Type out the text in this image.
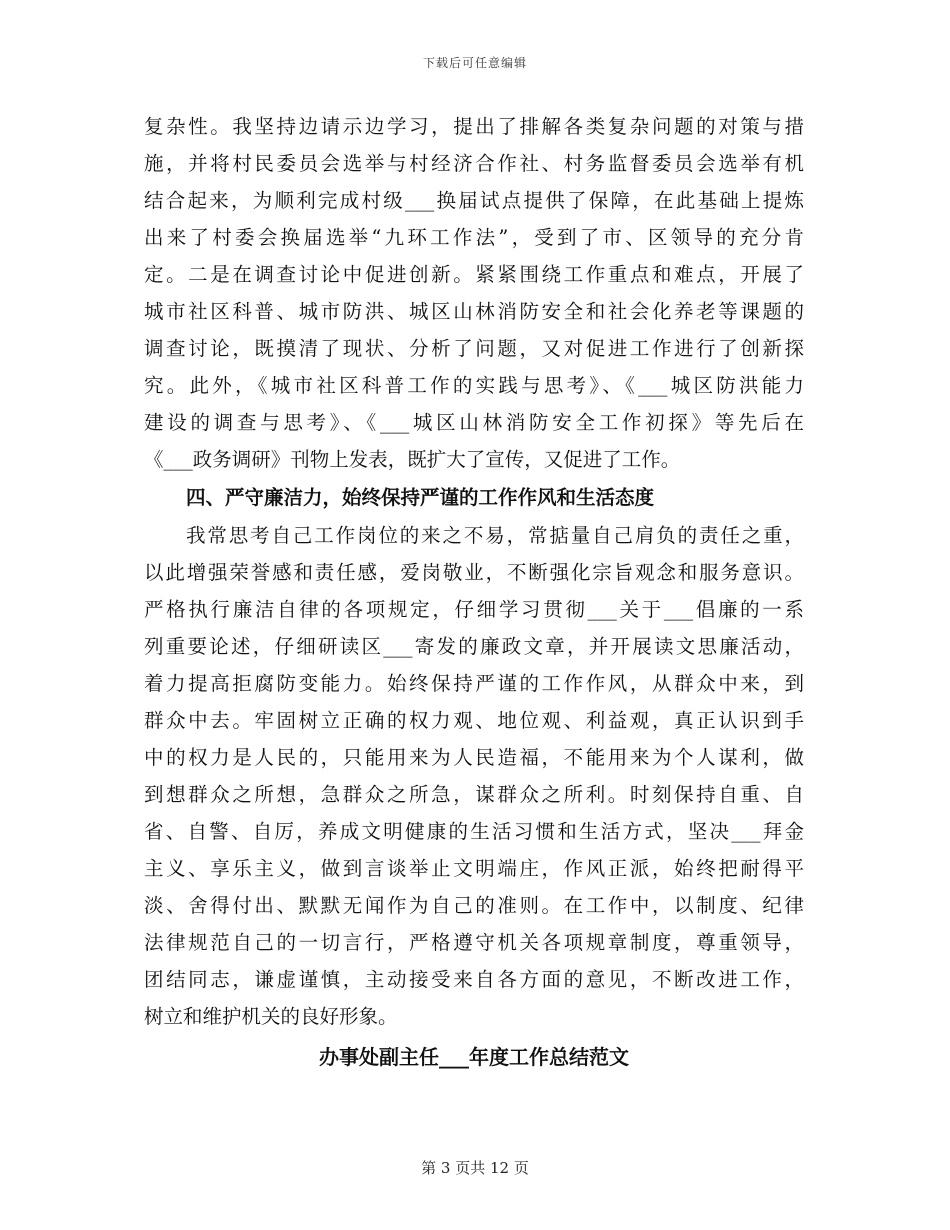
下载后可任意编辑
复杂性。我坚持边请示边学习，提出了排解各类复杂问题的对策与措
施，并将村民委员会选举与村经济合作社、村务监督委员会选举有机
结合起来，为顺利完成村级___换届试点提供了保障，在此基础上提炼
出来了村委会换届选举“九环工作法”，受到了市、区领导的充分肯
定。二是在调查讨论中促进创新。紧紧围绕工作重点和难点，开展了
城市社区科普、城市防洪、城区山林消防安全和社会化养老等课题的
调查讨论，既摸清了现状、分析了问题，又对促进工作进行了创新探
究。此外，《城市社区科普工作的实践与思考》、《___城区防洪能力
建设的调查与思考》、《___城区山林消防安全工作初探》等先后在
《___政务调研》刊物上发表，既扩大了宣传，又促进了工作。
四、严守廉洁力，始终保持严谨的工作作风和生活态度
我常思考自己工作岗位的来之不易，常掂量自己肩负的责任之重，
以此增强荣誉感和责任感，爱岗敬业，不断强化宗旨观念和服务意识。
严格执行廉洁自律的各项规定，仔细学习贯彻___关于___倡廉的一系
列重要论述，仔细研读区___寄发的廉政文章，并开展读文思廉活动，
着力提高拒腐防变能力。始终保持严谨的工作作风，从群众中来，到
群众中去。牢固树立正确的权力观、地位观、利益观，真正认识到手
中的权力是人民的，只能用来为人民造福，不能用来为个人谋利，做
到想群众之所想，急群众之所急，谋群众之所利。时刻保持自重、自
省、自警、自厉，养成文明健康的生活习惯和生活方式，坚决___拜金
主义、享乐主义，做到言谈举止文明端庄，作风正派，始终把耐得平
淡、舍得付出、默默无闻作为自己的准则。在工作中，以制度、纪律
法律规范自己的一切言行，严格遵守机关各项规章制度，尊重领导，
团结同志，谦虚谨慎，主动接受来自各方面的意见，不断改进工作，
树立和维护机关的良好形象。
办事处副主任___年度工作总结范文
第 3 页共 12 页
